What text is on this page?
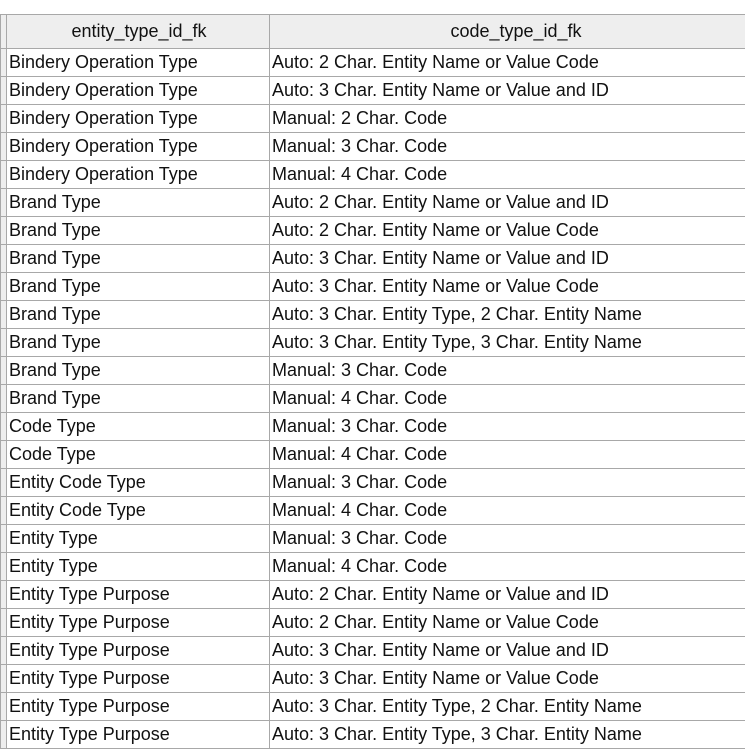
	entity_type_id_fk	code_type_id_fk
	Bindery Operation Type	Auto: 2 Char. Entity Name or Value Code
	Bindery Operation Type	Auto: 3 Char. Entity Name or Value and ID
	Bindery Operation Type	Manual: 2 Char. Code
	Bindery Operation Type	Manual: 3 Char. Code
	Bindery Operation Type	Manual: 4 Char. Code
	Brand Type	Auto: 2 Char. Entity Name or Value and ID
	Brand Type	Auto: 2 Char. Entity Name or Value Code
	Brand Type	Auto: 3 Char. Entity Name or Value and ID
	Brand Type	Auto: 3 Char. Entity Name or Value Code
	Brand Type	Auto: 3 Char. Entity Type, 2 Char. Entity Name
	Brand Type	Auto: 3 Char. Entity Type, 3 Char. Entity Name
	Brand Type	Manual: 3 Char. Code
	Brand Type	Manual: 4 Char. Code
	Code Type	Manual: 3 Char. Code
	Code Type	Manual: 4 Char. Code
	Entity Code Type	Manual: 3 Char. Code
	Entity Code Type	Manual: 4 Char. Code
	Entity Type	Manual: 3 Char. Code
	Entity Type	Manual: 4 Char. Code
	Entity Type Purpose	Auto: 2 Char. Entity Name or Value and ID
	Entity Type Purpose	Auto: 2 Char. Entity Name or Value Code
	Entity Type Purpose	Auto: 3 Char. Entity Name or Value and ID
	Entity Type Purpose	Auto: 3 Char. Entity Name or Value Code
	Entity Type Purpose	Auto: 3 Char. Entity Type, 2 Char. Entity Name
	Entity Type Purpose	Auto: 3 Char. Entity Type, 3 Char. Entity Name
